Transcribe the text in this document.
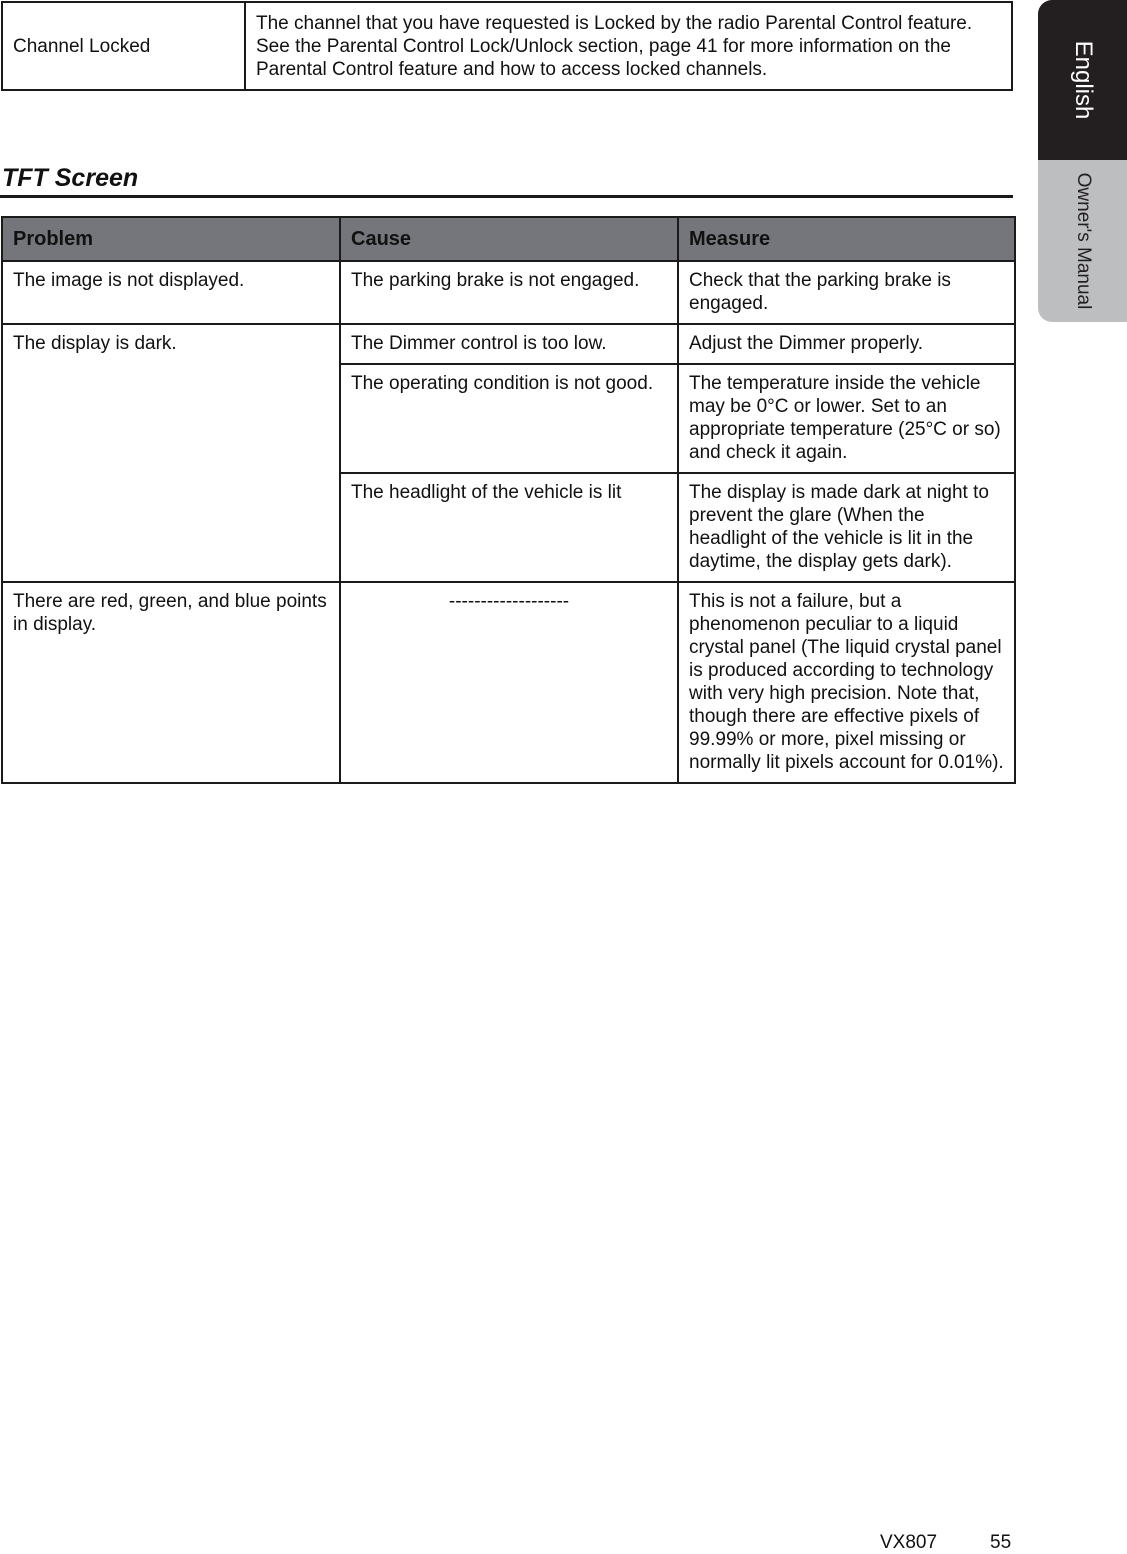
Channel Locked	The channel that you have requested is Locked by the radio Parental Control feature. See the Parental Control Lock/Unlock section, page 41 for more information on the Parental Control feature and how to access locked channels.
TFT Screen
Problem	Cause	Measure
The image is not displayed.	The parking brake is not engaged.	Check that the parking brake is engaged.
The display is dark.	The Dimmer control is too low.	Adjust the Dimmer properly.
	The operating condition is not good.	The temperature inside the vehicle may be 0°C or lower. Set to an appropriate temperature (25°C or so) and check it again.
	The headlight of the vehicle is lit	The display is made dark at night to prevent the glare (When the headlight of the vehicle is lit in the daytime, the display gets dark).
There are red, green, and blue points in display.	-------------------	This is not a failure, but a phenomenon peculiar to a liquid crystal panel (The liquid crystal panel is produced according to technology with very high precision. Note that, though there are effective pixels of 99.99% or more, pixel missing or normally lit pixels account for 0.01%).
English
Owner's Manual
VX807	55
